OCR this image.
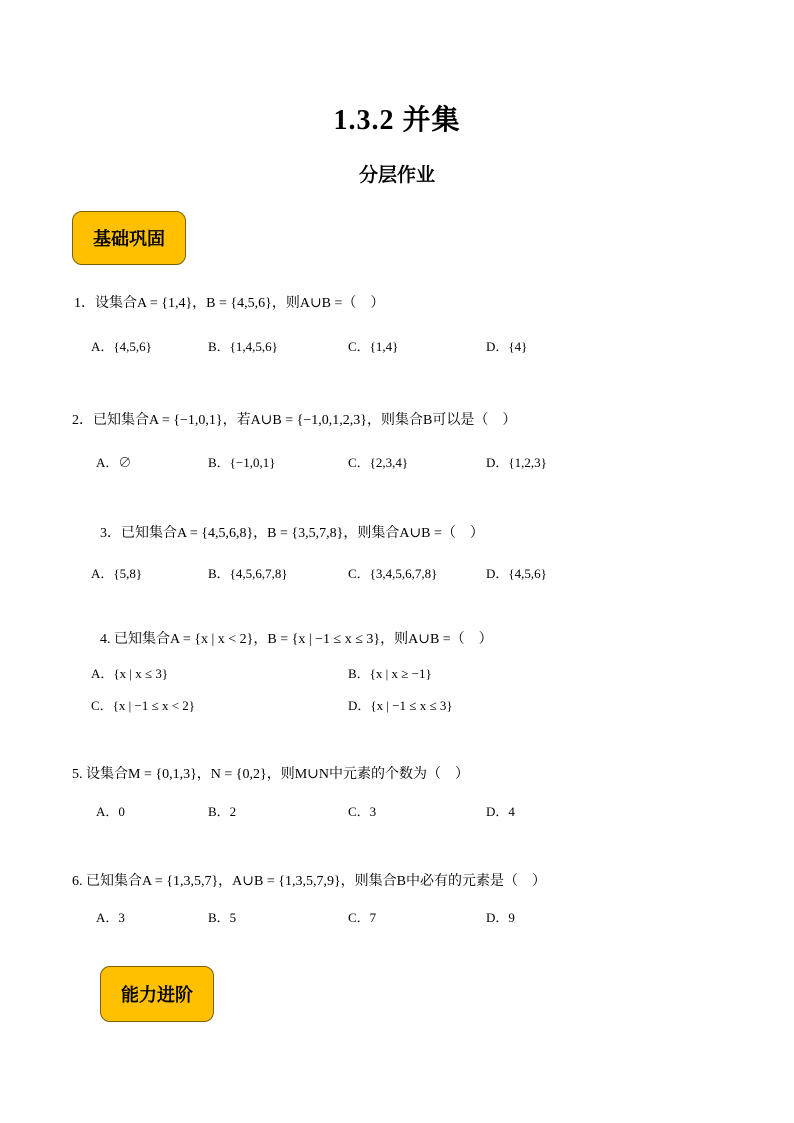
1.3.2 并集
分层作业
基础巩固
1．设集合A = {1,4}，B = {4,5,6}，则A∪B =（　）
A．{4,5,6}	B．{1,4,5,6}	C．{1,4}	D．{4}
2．已知集合A = {−1,0,1}，若A∪B = {−1,0,1,2,3}，则集合B可以是（　）
A．∅	B．{−1,0,1}	C．{2,3,4}	D．{1,2,3}
3．已知集合A = {4,5,6,8}，B = {3,5,7,8}，则集合A∪B =（　）
A．{5,8}	B．{4,5,6,7,8}	C．{3,4,5,6,7,8}	D．{4,5,6}
4. 已知集合A = {x | x < 2}，B = {x | −1 ≤ x ≤ 3}，则A∪B =（　）
A．{x | x ≤ 3}	B．{x | x ≥ −1}
C．{x | −1 ≤ x < 2}	D．{x | −1 ≤ x ≤ 3}
5. 设集合M = {0,1,3}，N = {0,2}，则M∪N中元素的个数为（　）
A．0	B．2	C．3	D．4
6. 已知集合A = {1,3,5,7}，A∪B = {1,3,5,7,9}，则集合B中必有的元素是（　）
A．3	B．5	C．7	D．9
能力进阶
